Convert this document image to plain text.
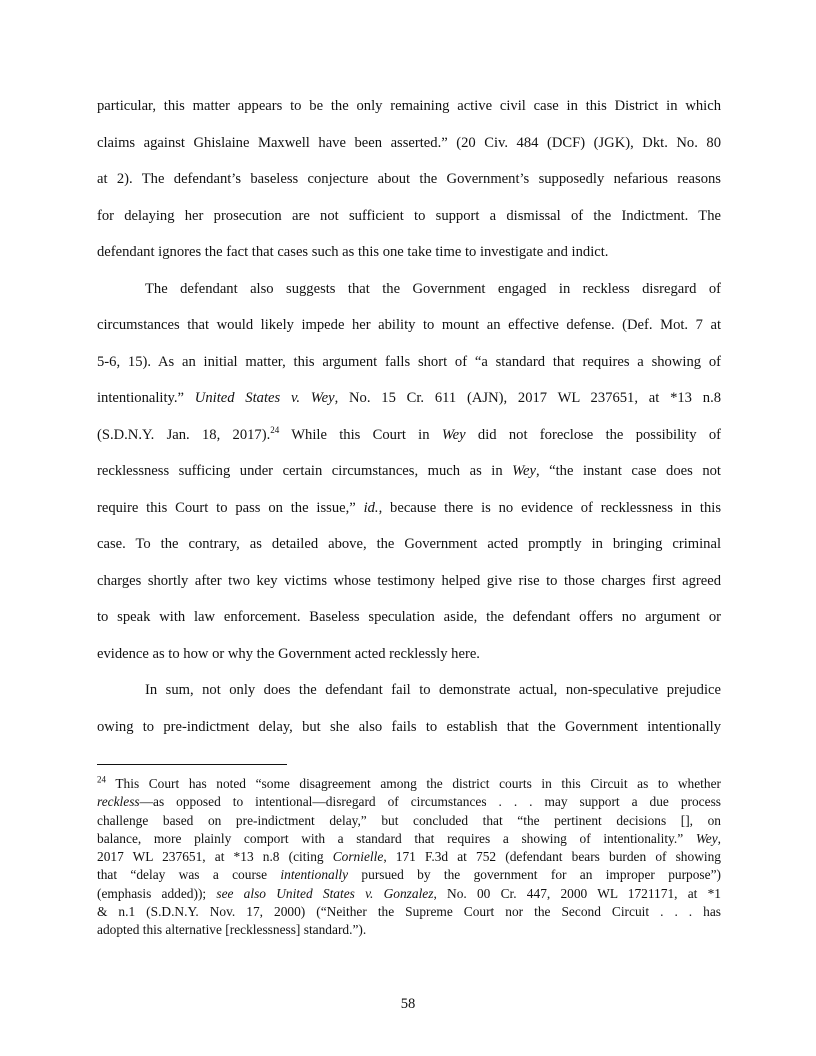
particular, this matter appears to be the only remaining active civil case in this District in which
claims against Ghislaine Maxwell have been asserted.” (20 Civ. 484 (DCF) (JGK), Dkt. No. 80
at 2). The defendant’s baseless conjecture about the Government’s supposedly nefarious reasons
for delaying her prosecution are not sufficient to support a dismissal of the Indictment. The
defendant ignores the fact that cases such as this one take time to investigate and indict.
The defendant also suggests that the Government engaged in reckless disregard of
circumstances that would likely impede her ability to mount an effective defense. (Def. Mot. 7 at
5-6, 15). As an initial matter, this argument falls short of “a standard that requires a showing of
intentionality.” United States v. Wey, No. 15 Cr. 611 (AJN), 2017 WL 237651, at *13 n.8
(S.D.N.Y. Jan. 18, 2017).$^{24}$ While this Court in Wey did not foreclose the possibility of
recklessness sufficing under certain circumstances, much as in Wey, “the instant case does not
require this Court to pass on the issue,” id., because there is no evidence of recklessness in this
case. To the contrary, as detailed above, the Government acted promptly in bringing criminal
charges shortly after two key victims whose testimony helped give rise to those charges first agreed
to speak with law enforcement. Baseless speculation aside, the defendant offers no argument or
evidence as to how or why the Government acted recklessly here.
In sum, not only does the defendant fail to demonstrate actual, non-speculative prejudice
owing to pre-indictment delay, but she also fails to establish that the Government intentionally
$^{24}$ This Court has noted “some disagreement among the district courts in this Circuit as to whether
reckless—as opposed to intentional—disregard of circumstances . . . may support a due process
challenge based on pre-indictment delay,” but concluded that “the pertinent decisions [], on
balance, more plainly comport with a standard that requires a showing of intentionality.” Wey,
2017 WL 237651, at *13 n.8 (citing Cornielle, 171 F.3d at 752 (defendant bears burden of showing
that “delay was a course intentionally pursued by the government for an improper purpose”)
(emphasis added)); see also United States v. Gonzalez, No. 00 Cr. 447, 2000 WL 1721171, at *1
& n.1 (S.D.N.Y. Nov. 17, 2000) (“Neither the Supreme Court nor the Second Circuit . . . has
adopted this alternative [recklessness] standard.”).
58
